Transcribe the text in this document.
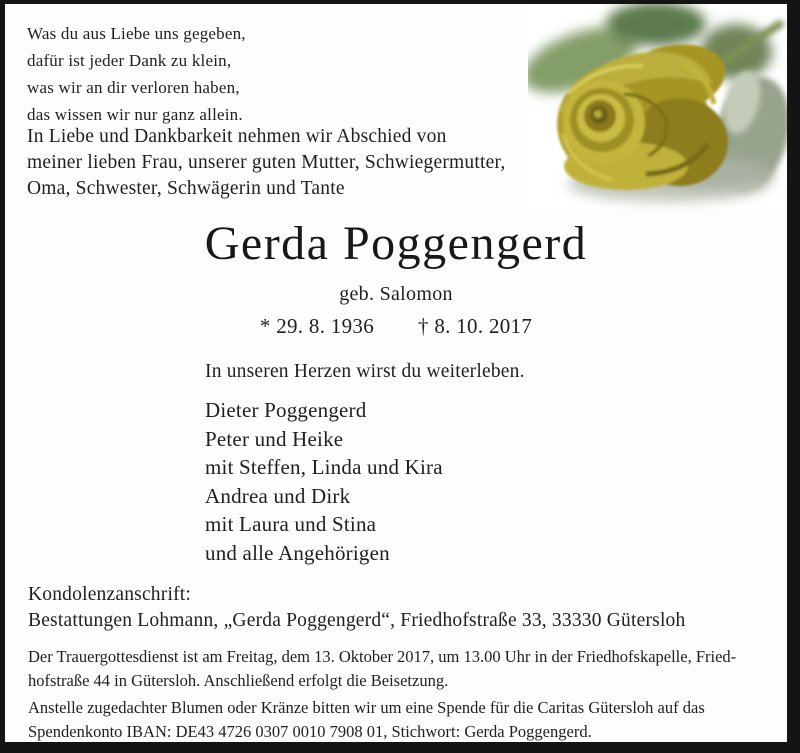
Was du aus Liebe uns gegeben,
dafür ist jeder Dank zu klein,
was wir an dir verloren haben,
das wissen wir nur ganz allein.
In Liebe und Dankbarkeit nehmen wir Abschied von
meiner lieben Frau, unserer guten Mutter, Schwiegermutter,
Oma, Schwester, Schwägerin und Tante
Gerda Poggengerd
geb. Salomon
* 29. 8. 1936 † 8. 10. 2017
In unseren Herzen wirst du weiterleben.
Dieter Poggengerd
Peter und Heike
mit Steffen, Linda und Kira
Andrea und Dirk
mit Laura und Stina
und alle Angehörigen
Kondolenzanschrift:
Bestattungen Lohmann, „Gerda Poggengerd“, Friedhofstraße 33, 33330 Gütersloh
Der Trauergottesdienst ist am Freitag, dem 13. Oktober 2017, um 13.00 Uhr in der Friedhofskapelle, Fried-
hofstraße 44 in Gütersloh. Anschließend erfolgt die Beisetzung.
Anstelle zugedachter Blumen oder Kränze bitten wir um eine Spende für die Caritas Gütersloh auf das
Spendenkonto IBAN: DE43 4726 0307 0010 7908 01, Stichwort: Gerda Poggengerd.
